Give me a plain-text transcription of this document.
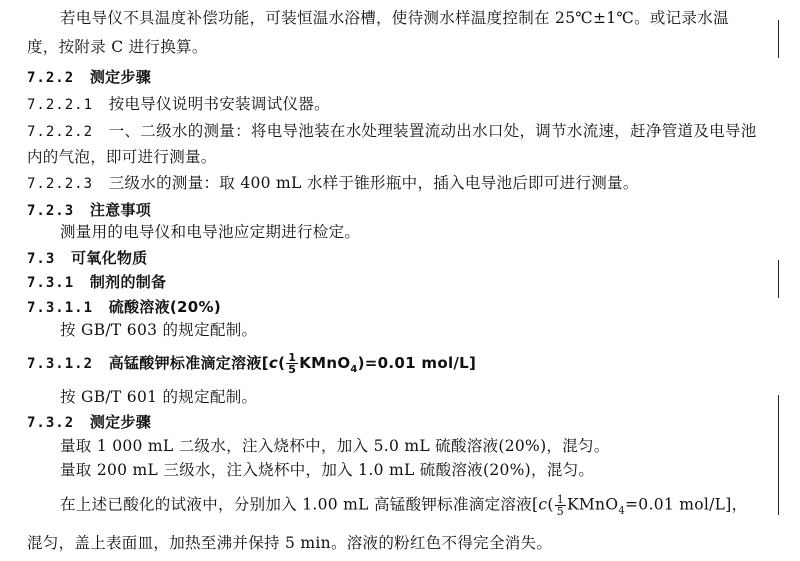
若电导仪不具温度补偿功能，可装恒温水浴槽，使待测水样温度控制在 25℃±1℃。或记录水温
度，按附录 C 进行换算。
7.2.2 测定步骤
7.2.2.1 按电导仪说明书安装调试仪器。
7.2.2.2 一、二级水的测量：将电导池装在水处理装置流动出水口处，调节水流速，赶净管道及电导池
内的气泡，即可进行测量。
7.2.2.3 三级水的测量：取 400 mL 水样于锥形瓶中，插入电导池后即可进行测量。
7.2.3 注意事项
测量用的电导仪和电导池应定期进行检定。
7.3 可氧化物质
7.3.1 制剂的制备
7.3.1.1 硫酸溶液(20%)
按 GB/T 603 的规定配制。
7.3.1.2 高锰酸钾标准滴定溶液[$c( \frac{1}{5}$ KMnO$_4$)=0.01 mol/L]
按 GB/T 601 的规定配制。
7.3.2 测定步骤
量取 1 000 mL 二级水，注入烧杯中，加入 5.0 mL 硫酸溶液(20%)，混匀。
量取 200 mL 三级水，注入烧杯中，加入 1.0 mL 硫酸溶液(20%)，混匀。
在上述已酸化的试液中，分别加入 1.00 mL 高锰酸钾标准滴定溶液[$c( \frac{1}{5}$ KMnO$_4$=0.01 mol/L]，
混匀，盖上表面皿，加热至沸并保持 5 min。溶液的粉红色不得完全消失。
